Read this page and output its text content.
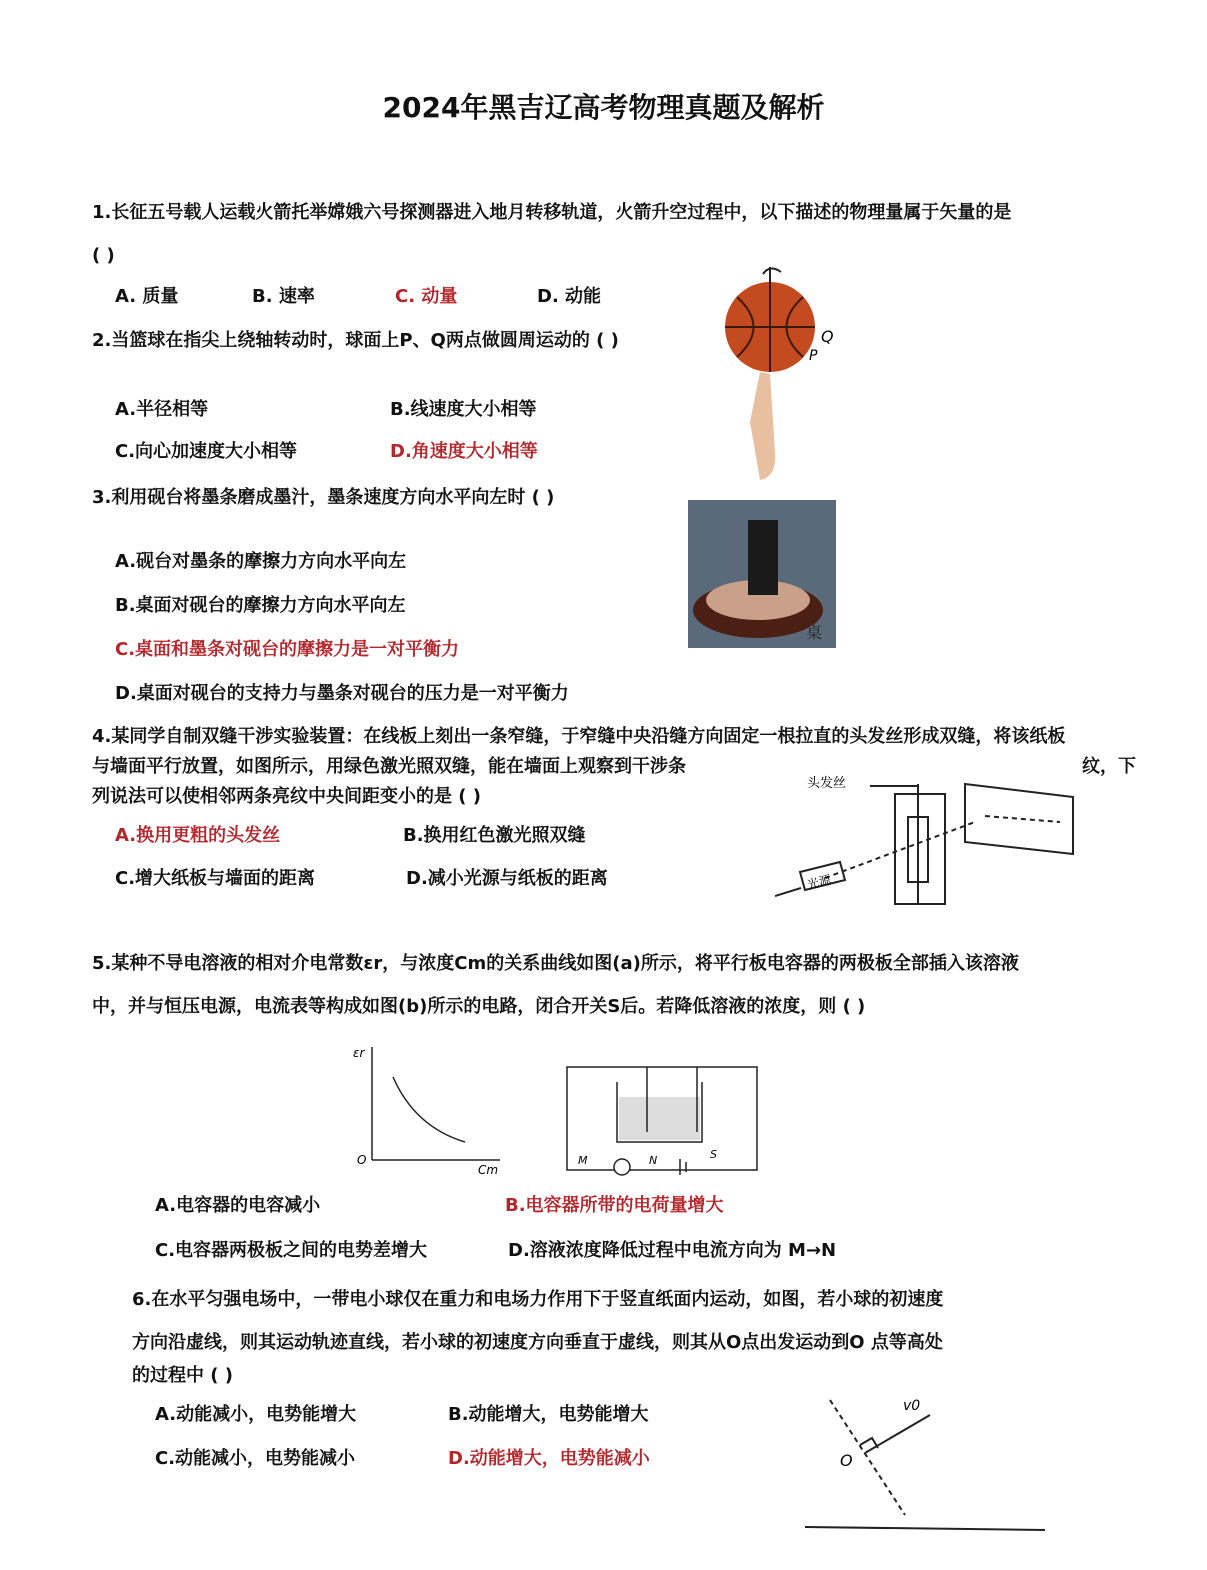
2024年黑吉辽高考物理真题及解析
1.长征五号载人运载火箭托举嫦娥六号探测器进入地月转移轨道，火箭升空过程中，以下描述的物理量属于矢量的是
( )
A. 质量	B. 速率	C. 动量	D. 动能
2.当篮球在指尖上绕轴转动时，球面上P、Q两点做圆周运动的 ( )
A.半径相等	B.线速度大小相等
C.向心加速度大小相等	D.角速度大小相等
Q
P
3.利用砚台将墨条磨成墨汁，墨条速度方向水平向左时 ( )
A.砚台对墨条的摩擦力方向水平向左
B.桌面对砚台的摩擦力方向水平向左
C.桌面和墨条对砚台的摩擦力是一对平衡力
D.桌面对砚台的支持力与墨条对砚台的压力是一对平衡力
桌
4.某同学自制双缝干涉实验装置：在线板上刻出一条窄缝，于窄缝中央沿缝方向固定一根拉直的头发丝形成双缝，将该纸板
与墙面平行放置，如图所示，用绿色激光照双缝，能在墙面上观察到干涉条	纹，下
列说法可以使相邻两条亮纹中央间距变小的是 ( )
A.换用更粗的头发丝	B.换用红色激光照双缝
C.增大纸板与墙面的距离	D.减小光源与纸板的距离
头发丝
光源
5.某种不导电溶液的相对介电常数εr，与浓度Cm的关系曲线如图(a)所示，将平行板电容器的两极板全部插入该溶液
中，并与恒压电源，电流表等构成如图(b)所示的电路，闭合开关S后。若降低溶液的浓度，则 ( )
εr
O
Cm
M	N	S
A.电容器的电容减小	B.电容器所带的电荷量增大
C.电容器两极板之间的电势差增大	D.溶液浓度降低过程中电流方向为 M→N
6.在水平匀强电场中，一带电小球仅在重力和电场力作用下于竖直纸面内运动，如图，若小球的初速度
方向沿虚线，则其运动轨迹直线，若小球的初速度方向垂直于虚线，则其从O点出发运动到O 点等高处
的过程中 ( )
A.动能减小，电势能增大	B.动能增大，电势能增大
C.动能减小，电势能减小	D.动能增大，电势能减小
v0
O
